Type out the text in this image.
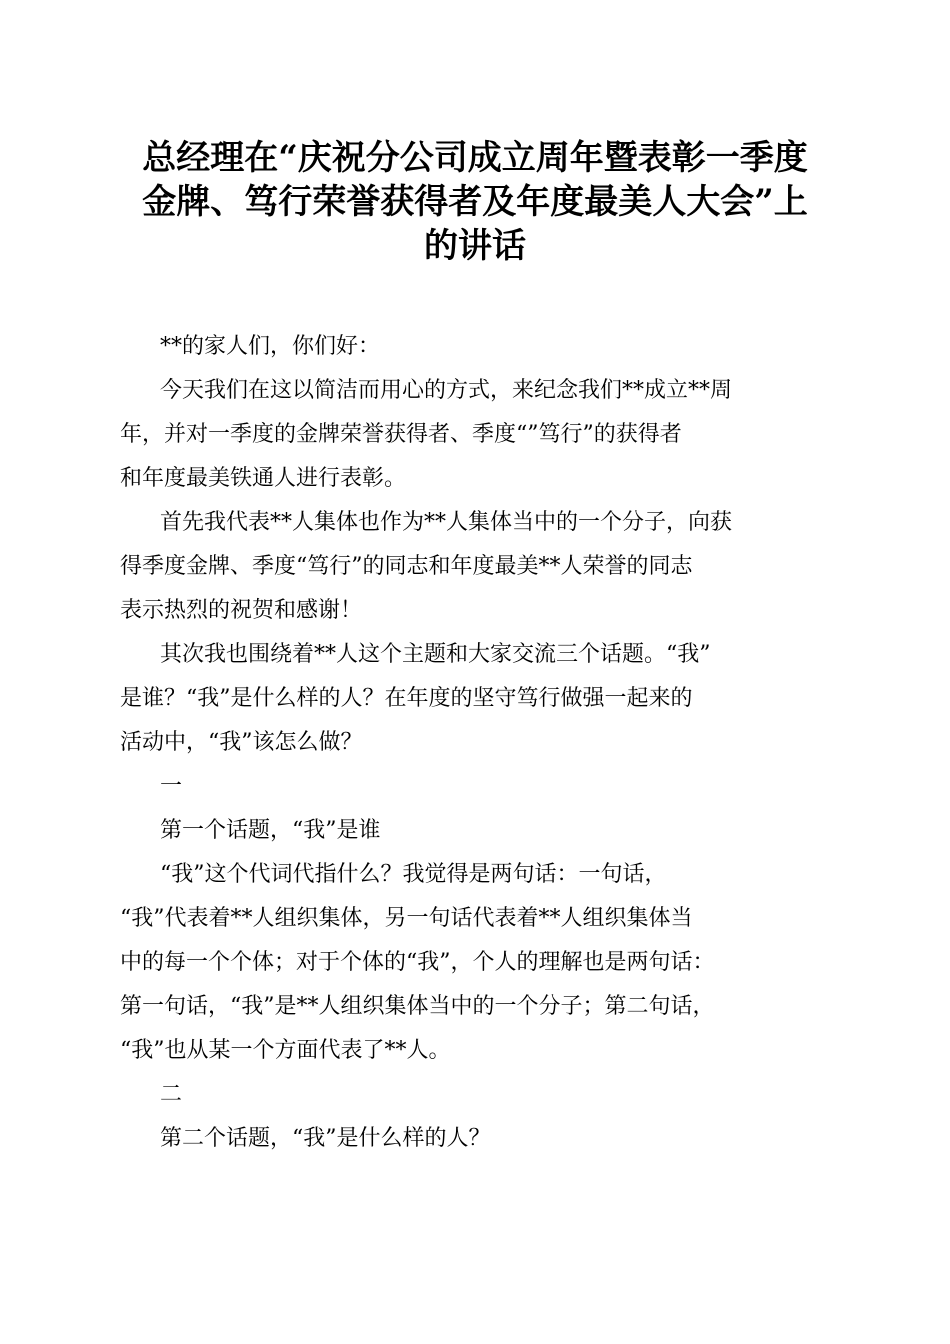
总经理在“庆祝分公司成立周年暨表彰一季度
金牌、笃行荣誉获得者及年度最美人大会”上
的讲话

**的家人们，你们好：

今天我们在这以简洁而用心的方式，来纪念我们**成立**周
年，并对一季度的金牌荣誉获得者、季度“”笃行”的获得者
和年度最美铁通人进行表彰。

首先我代表**人集体也作为**人集体当中的一个分子，向获
得季度金牌、季度“笃行”的同志和年度最美**人荣誉的同志
表示热烈的祝贺和感谢！

其次我也围绕着**人这个主题和大家交流三个话题。“我”
是谁？“我”是什么样的人？在年度的坚守笃行做强一起来的
活动中，“我”该怎么做？

一

第一个话题，“我”是谁

“我”这个代词代指什么？我觉得是两句话：一句话，
“我”代表着**人组织集体，另一句话代表着**人组织集体当
中的每一个个体；对于个体的“我”，个人的理解也是两句话：
第一句话，“我”是**人组织集体当中的一个分子；第二句话，
“我”也从某一个方面代表了**人。

二

第二个话题，“我”是什么样的人？
